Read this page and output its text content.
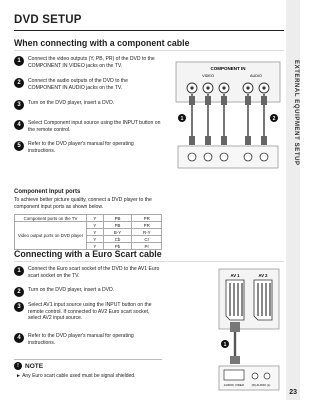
EXTERNAL EQUIPMENT SETUP
23
DVD SETUP
When connecting with a component cable
1	Connect the video outputs (Y, PB, PR) of the DVD to the COMPONENT IN VIDEO jacks on the TV.
2	Connect the audio outputs of the DVD to the COMPONENT IN AUDIO jacks on the TV.
3	Turn on the DVD player, insert a DVD.
4	Select Component input source using the INPUT button on the remote control.
5	Refer to the DVD player's manual for operating instructions.
Component Input ports
To achieve better picture quality, connect a DVD player to the component input ports as shown below.
Component ports on the TV	Y	PB	PR
Video output ports on DVD player	Y	PB	PR
	Y	B-Y	R-Y
	Y	Cb	Cr
	Y	Pb	Pr
COMPONENT IN
VIDEO	AUDIO
1	2
Connecting with a Euro Scart cable
1	Connect the Euro scart socket of the DVD to the AV1 Euro scart socket on the TV.
2	Turn on the DVD player, insert a DVD.
3	Select AV1 input source using the INPUT button on the remote control. If connected to AV2 Euro scart socket, select AV2 input source.
4	Refer to the DVD player's manual for operating instructions.
AV 1	AV 2
1
AUDIO/ VIDEO (R) AUDIO (L)
! NOTE
► Any Euro scart cable used must be signal shielded.
